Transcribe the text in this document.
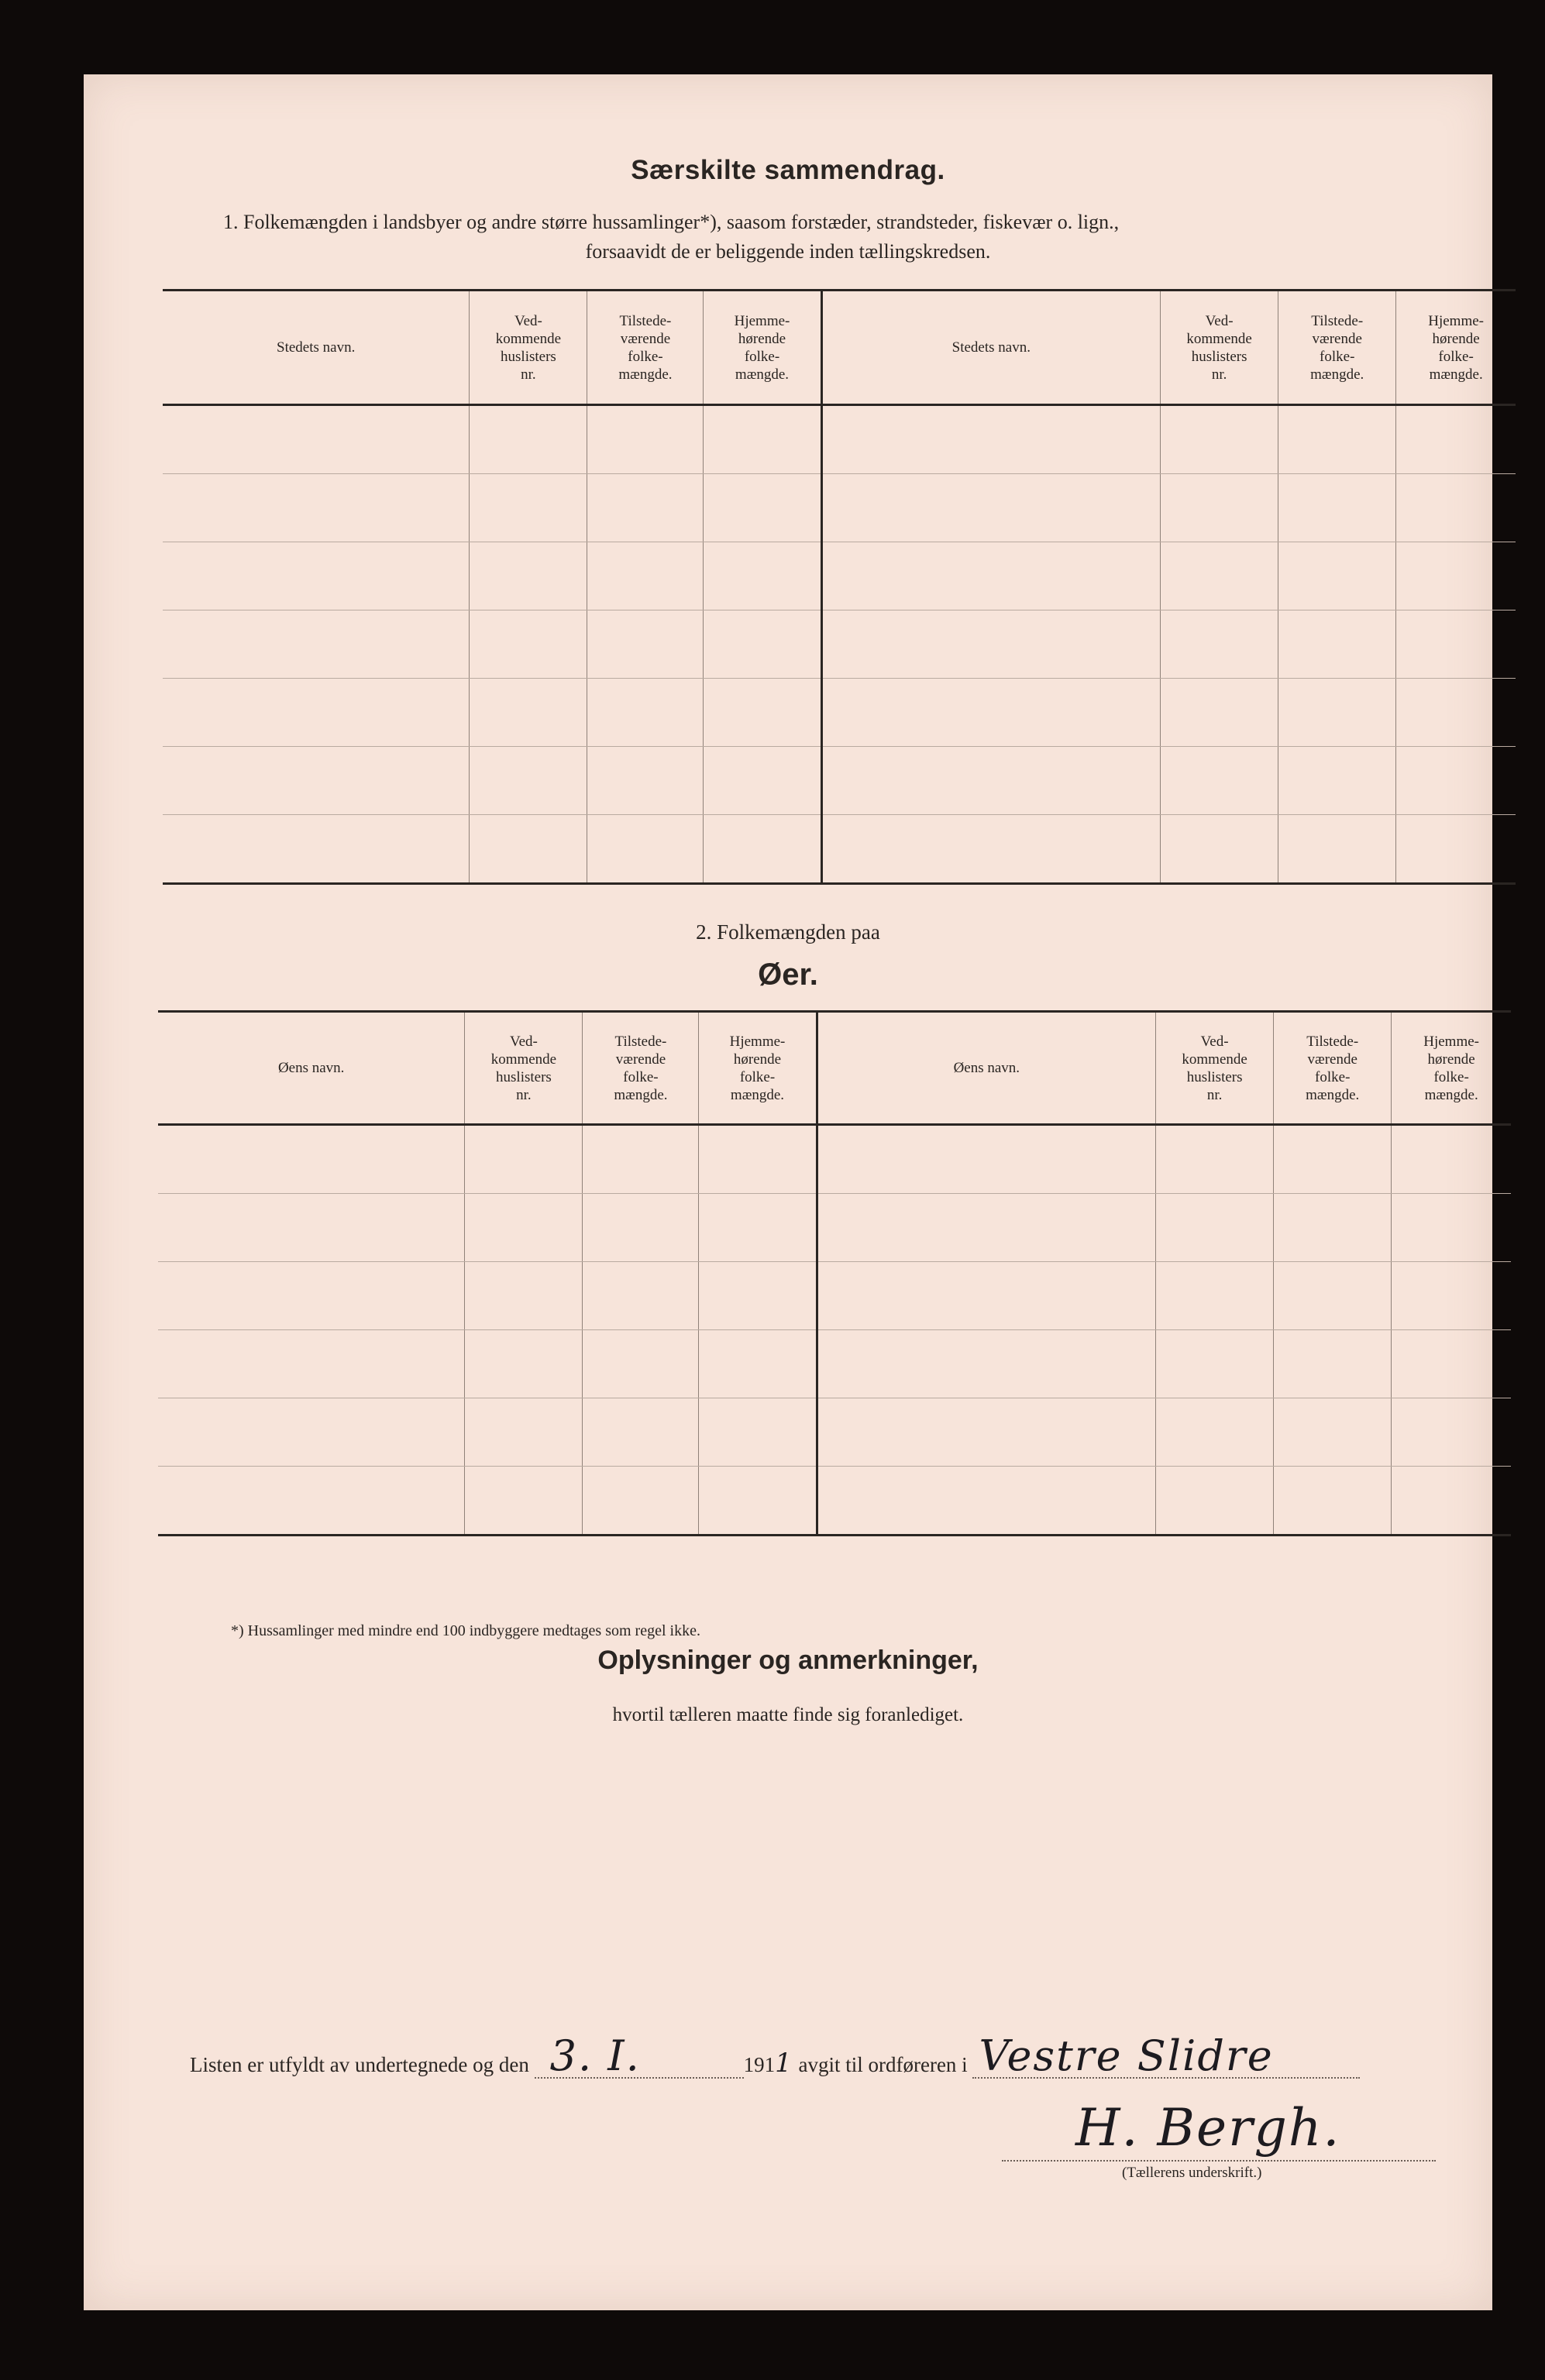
Særskilte sammendrag.
1. Folkemængden i landsbyer og andre større hussamlinger*), saasom forstæder, strandsteder, fiskevær o. lign.,
forsaavidt de er beliggende inden tællingskredsen.
Stedets navn.	Ved-
kommende
huslisters
nr.	Tilstede-
værende
folke-
mængde.	Hjemme-
hørende
folke-
mængde.	Stedets navn.	Ved-
kommende
huslisters
nr.	Tilstede-
værende
folke-
mængde.	Hjemme-
hørende
folke-
mængde.

2. Folkemængden paa
Øer.
Øens navn.	Ved-
kommende
huslisters
nr.	Tilstede-
værende
folke-
mængde.	Hjemme-
hørende
folke-
mængde.	Øens navn.	Ved-
kommende
huslisters
nr.	Tilstede-
værende
folke-
mængde.	Hjemme-
hørende
folke-
mængde.

*) Hussamlinger med mindre end 100 indbyggere medtages som regel ikke.
Oplysninger og anmerkninger,
hvortil tælleren maatte finde sig foranlediget.
Listen er utfyldt av undertegnede og den 3. I.	1911 avgit til ordføreren i Vestre Slidre
H. Bergh.
(Tællerens underskrift.)
